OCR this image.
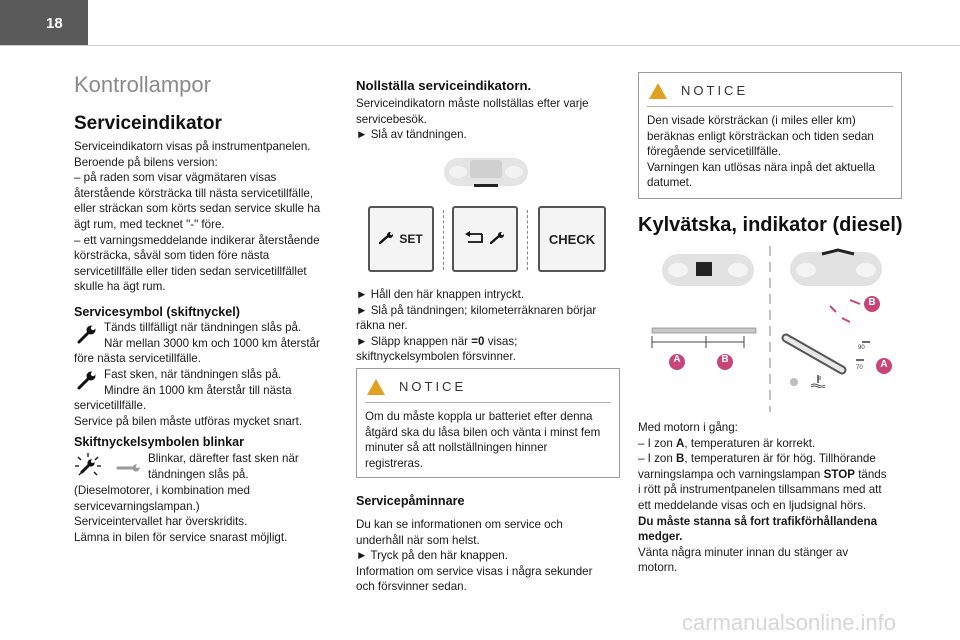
18
Kontrollampor
Serviceindikator
Serviceindikatorn visas på instrumentpanelen.
Beroende på bilens version:
– på raden som visar vägmätaren visas
återstående körsträcka till nästa servicetillfälle,
eller sträckan som körts sedan service skulle ha
ägt rum, med tecknet "-" före.
– ett varningsmeddelande indikerar återstående
körsträcka, såväl som tiden före nästa
servicetillfälle eller tiden sedan servicetillfället
skulle ha ägt rum.
Servicesymbol (skiftnyckel)
Tänds tillfälligt när tändningen slås på.
När mellan 3000 km och 1000 km återstår
före nästa servicetillfälle.
Fast sken, när tändningen slås på.
Mindre än 1000 km återstår till nästa
servicetillfälle.
Service på bilen måste utföras mycket snart.
Skiftnyckelsymbolen blinkar
Blinkar, därefter fast sken när
tändningen slås på.
(Dieselmotorer, i kombination med
servicevarningslampan.)
Serviceintervallet har överskridits.
Lämna in bilen för service snarast möjligt.
Nollställa serviceindikatorn.
Serviceindikatorn måste nollställas efter varje
servicebesök.
► Slå av tändningen.
SET	CHECK
► Håll den här knappen intryckt.
► Slå på tändningen; kilometerräknaren börjar
räkna ner.
► Släpp knappen när =0 visas;
skiftnyckelsymbolen försvinner.
NOTICE
Om du måste koppla ur batteriet efter denna
åtgärd ska du låsa bilen och vänta i minst fem
minuter så att nollställningen hinner
registreras.
Servicepåminnare
Du kan se informationen om service och
underhåll när som helst.
► Tryck på den här knappen.
Information om service visas i några sekunder
och försvinner sedan.
NOTICE
Den visade körsträckan (i miles eller km)
beräknas enligt körsträckan och tiden sedan
föregående servicetillfälle.
Varningen kan utlösas nära inpå det aktuella
datumet.
Kylvätska, indikator (diesel)
A	B
B
A
90
70
Med motorn i gång:
– I zon A, temperaturen är korrekt.
– I zon B, temperaturen är för hög. Tillhörande
varningslampa och varningslampan STOP tänds
i rött på instrumentpanelen tillsammans med att
ett meddelande visas och en ljudsignal hörs.
Du måste stanna så fort trafikförhållandena
medger.
Vänta några minuter innan du stänger av
motorn.
carmanualsonline.info
